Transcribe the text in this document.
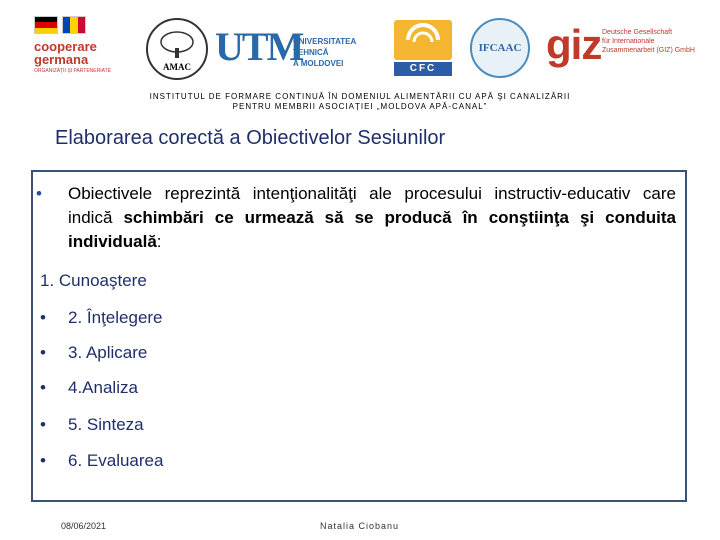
cooperare
germana
ORGANIZAȚII ȘI PARTENERIATE	AMAC UTM
UNIVERSITATEA TEHNICĂ
A MOLDOVEI	CFC
IFCAAC giz Deutsche Gesellschaft
für Internationale
Zusammenarbeit (GIZ) GmbH
INSTITUTUL DE FORMARE CONTINUĂ ÎN DOMENIUL ALIMENTĂRII CU APĂ ŞI CANALIZĂRII
PENTRU MEMBRII ASOCIAȚIEI „MOLDOVA APĂ-CANAL”
Elaborarea corectă a Obiectivelor Sesiunilor
• Obiectivele reprezintă intenţionalităţi ale procesului instructiv-educativ care indică schimbări ce urmează să se producă în conştiinţa şi conduita individuală:
1. Cunoaştere
• 2. Înţelegere
• 3. Aplicare
• 4.Analiza
• 5. Sinteza
• 6. Evaluarea
08/06/2021	Natalia Ciobanu
